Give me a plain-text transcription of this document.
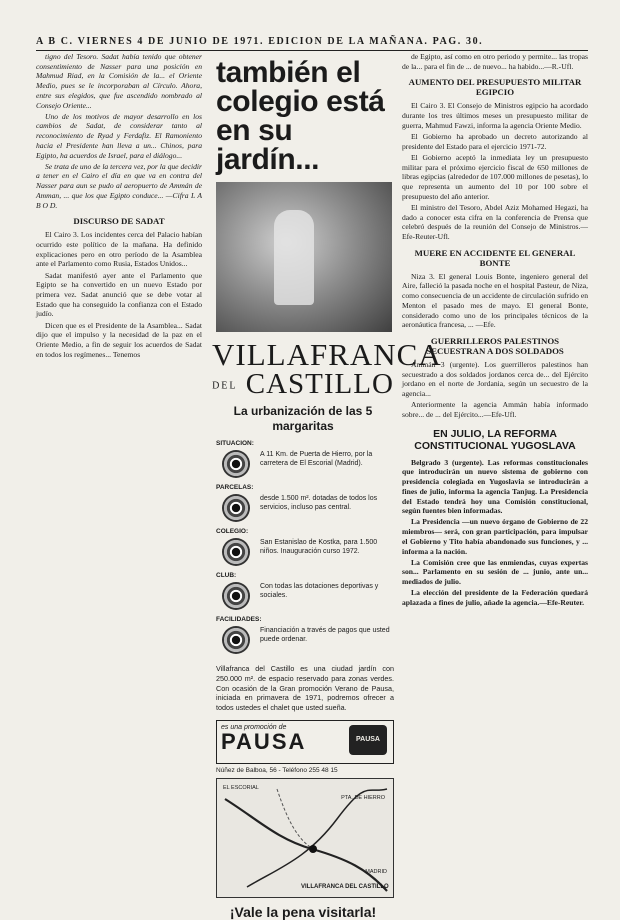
A B C. VIERNES 4 DE JUNIO DE 1971. EDICION DE LA MAÑANA. PAG. 30.

tigno del Tesoro. Sadat había tenido que obtener consentimiento de Nasser para una posición en Mahmud Riad, en la Comisión de la... el Oriente Medio, pues se le incorporaban al Círculo. Ahora, entre sus elegidos, que fue ascendido nombrado al Consejo Oriente...

Uno de los motivos de mayor desarrollo en los cambios de Sadat, de considerar tanto al reconocimiento de Ryad y Ferdafiz. El Ramoniento hacia el Presidente han lleva a un... Chinos, para Egipto, ha acuerdos de Israel, para el diálogo...

Se trata de uno de la tercera vez, por la que decidir a tener en el Cairo el día en que va en contra del Nasser para aun se pudo al aeropuerto de Ammán de Amman, ... que los que Egipto conduce... —Cifra L A B O D.

DISCURSO DE SADAT

El Cairo 3. Los incidentes cerca del Palacio habían ocurrido este político de la mañana. Ha definido explicaciones pero en otro período de la Asamblea ante el Parlamento como Rusia, Estados Unidos...

Sadat manifestó ayer ante el Parlamento que Egipto se ha convertido en un nuevo Estado por primera vez. Sadat anunció que se debe votar al Estado que ha conseguido la confianza con el Estado judío.

Dicen que es el Presidente de la Asamblea... Sadat dijo que el impulso y la necesidad de la paz en el Oriente Medio, a fin de seguir los acuerdos de Sadat en todos los regímenes... Tenemos

también el colegio está en su jardín...
VILLAFRANCA
DEL CASTILLO
La urbanización de las 5 margaritas
SITUACION:
A 11 Km. de Puerta de Hierro, por la carretera de El Escorial (Madrid).
PARCELAS:
desde 1.500 m². dotadas de todos los servicios, incluso pas central.
COLEGIO:
San Estanislao de Kostka, para 1.500 niños. Inauguración curso 1972.
CLUB:
Con todas las dotaciones deportivas y sociales.
FACILIDADES:
Financiación a través de pagos que usted puede ordenar.
Villafranca del Castillo es una ciudad jardín con 250.000 m². de espacio reservado para zonas verdes. Con ocasión de la Gran promoción Verano de Pausa, iniciada en primavera de 1971, podremos ofrecer a todos ustedes el chalet que usted sueña.
es una promoción de
PAUSA	PAUSA
Núñez de Balboa, 56 - Teléfono 255 48 15
EL ESCORIAL
MADRID
PTA. DE HIERRO
VILLAFRANCA DEL CASTILLO
¡Vale la pena visitarla!

de Egipto, así como en otro periodo y permite... las tropas de la... para el fin de ... de nuevo... ha habido...—R.-Ufl.

AUMENTO DEL PRESUPUESTO MILITAR EGIPCIO

El Cairo 3. El Consejo de Ministros egipcio ha acordado durante los tres últimos meses un presupuesto militar de guerra, Mahmud Fawzi, informa la agencia Oriente Medio.

El Gobierno ha aprobado un decreto autorizando al presidente del Estado para el ejercicio 1971-72.

El Gobierno aceptó la inmediata ley un presupuesto militar para el próximo ejercicio fiscal de 650 millones de libras egipcias (alrededor de 107.000 millones de pesetas), lo que representa un aumento del 10 por 100 sobre el presupuesto del año anterior.

El ministro del Tesoro, Abdel Aziz Mohamed Hegazi, ha dado a conocer esta cifra en la conferencia de Prensa que celebró después de la reunión del Consejo de Ministros.—Efe-Reuter-Ufl.

MUERE EN ACCIDENTE EL GENERAL BONTE

Niza 3. El general Louis Bonte, ingeniero general del Aire, falleció la pasada noche en el hospital Pasteur, de Niza, como consecuencia de un accidente de circulación sufrido en Menton el pasado mes de mayo. El general Bonte, considerado como uno de los principales técnicos de la aeronáutica francesa, ... —Efe.

GUERRILLEROS PALESTINOS SECUESTRAN A DOS SOLDADOS

Ammán 3 (urgente). Los guerrilleros palestinos han secuestrado a dos soldados jordanos cerca de... del Ejército jordano en el norte de Jordania, según un secuestro de la agencia...

Anteriormente la agencia Ammán había informado sobre... de ... del Ejército...—Efe-Ufl.

EN JULIO, LA REFORMA CONSTITUCIONAL YUGOSLAVA

Belgrado 3 (urgente). Las reformas constitucionales que introducirán un nuevo sistema de gobierno con presidencia colegiada en Yugoslavia se introducirán a fines de julio, informa la agencia Tanjug. La Presidencia del Estado tendrá hoy una Comisión constitucional, según fuentes bien informadas.

La Presidencia —un nuevo órgano de Gobierno de 22 miembros— será, con gran participación, para impulsar el Gobierno y Tito había abandonado sus funciones, y ... informa a la nación.

La Comisión cree que las enmiendas, cuyas expertas son... Parlamento en su sesión de ... junio, ante un... mediados de julio.

La elección del presidente de la Federación quedará aplazada a fines de julio, añade la agencia.—Efe-Reuter.
